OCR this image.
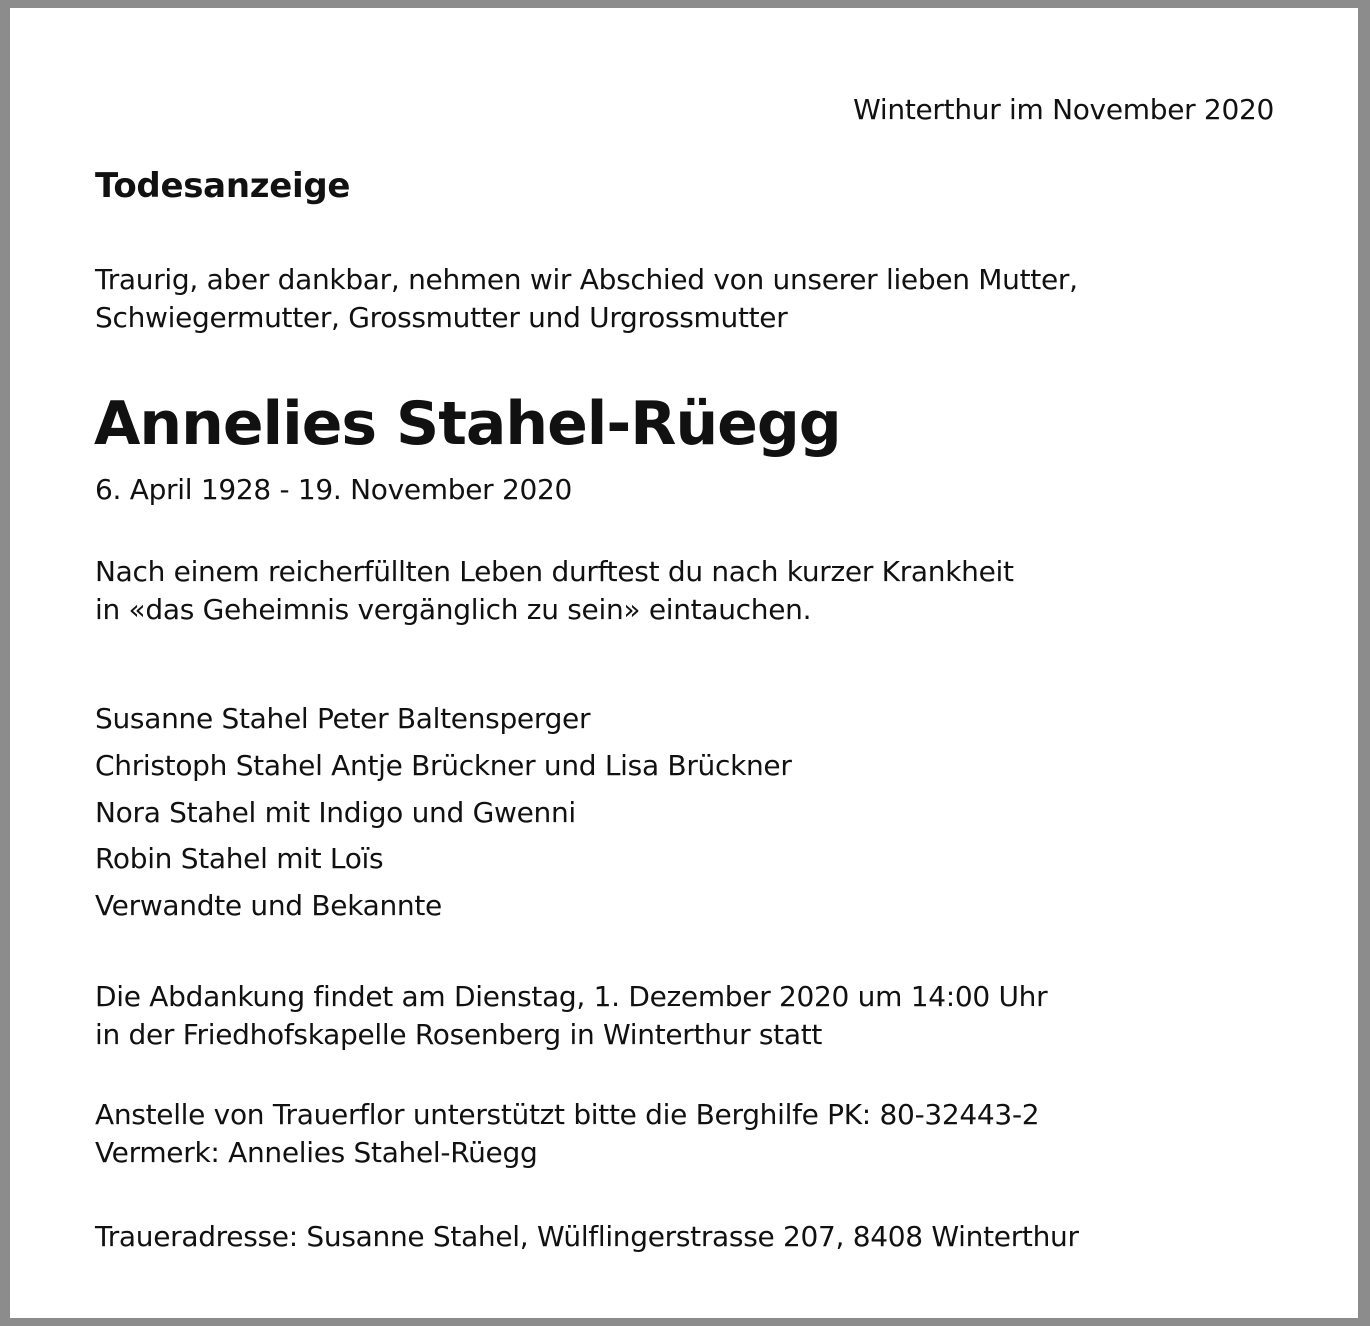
Winterthur im November 2020

Todesanzeige

Traurig, aber dankbar, nehmen wir Abschied von unserer lieben Mutter,

Schwiegermutter, Grossmutter und Urgrossmutter

Annelies Stahel-Rüegg

6. April 1928 - 19. November 2020

Nach einem reicherfüllten Leben durftest du nach kurzer Krankheit

in «das Geheimnis vergänglich zu sein» eintauchen.

Susanne Stahel Peter Baltensperger

Christoph Stahel Antje Brückner und Lisa Brückner

Nora Stahel mit Indigo und Gwenni

Robin Stahel mit Loïs

Verwandte und Bekannte

Die Abdankung findet am Dienstag, 1. Dezember 2020 um 14:00 Uhr

in der Friedhofskapelle Rosenberg in Winterthur statt

Anstelle von Trauerflor unterstützt bitte die Berghilfe PK: 80-32443-2

Vermerk: Annelies Stahel-Rüegg

Traueradresse: Susanne Stahel, Wülflingerstrasse 207, 8408 Winterthur
